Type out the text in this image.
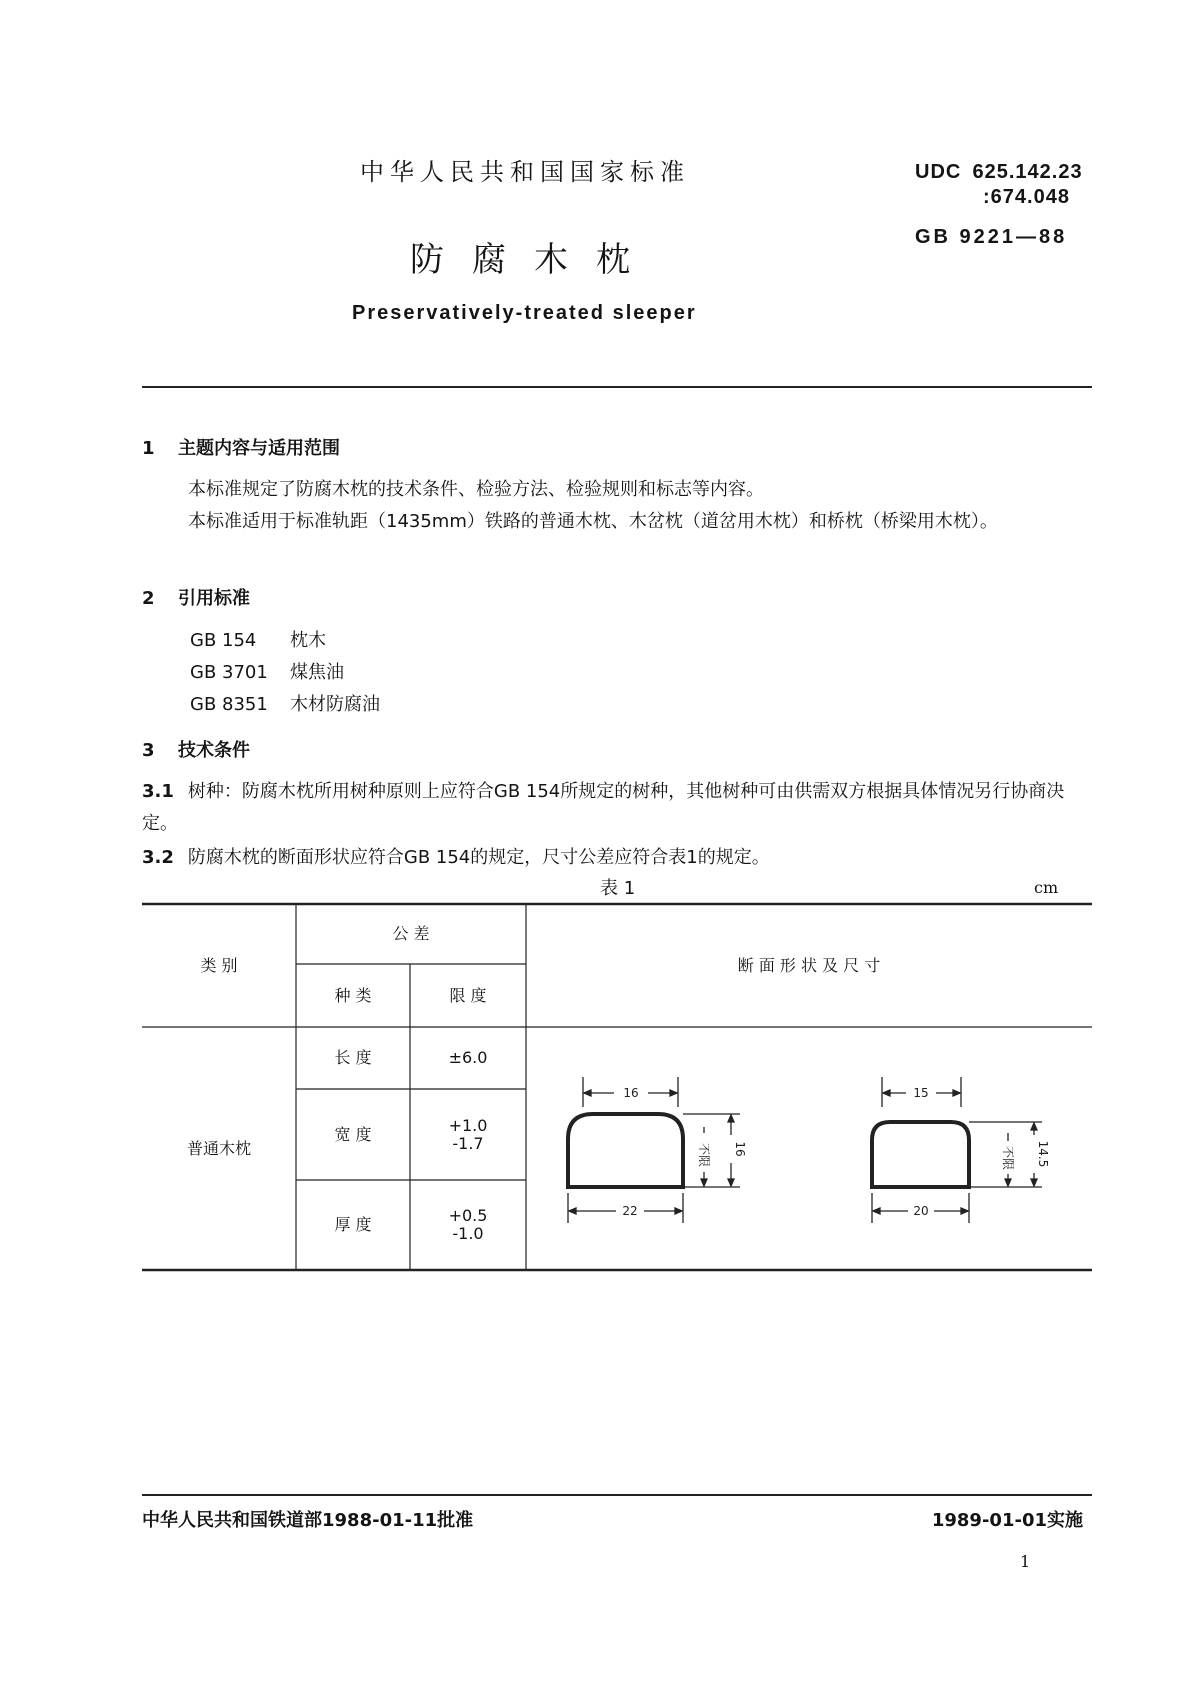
中华人民共和国国家标准	UDC 625.142.23
:674.048
GB 9221—88
防腐木枕
Preservatively-treated sleeper
1 主题内容与适用范围
本标准规定了防腐木枕的技术条件、检验方法、检验规则和标志等内容。
本标准适用于标准轨距（1435mm）铁路的普通木枕、木岔枕（道岔用木枕）和桥枕（桥梁用木枕）。
2 引用标准
GB 154 枕木
GB 3701 煤焦油
GB 8351 木材防腐油
3 技术条件
3.1 树种：防腐木枕所用树种原则上应符合GB 154所规定的树种，其他树种可由供需双方根据具体情况另行协商决定。
3.2 防腐木枕的断面形状应符合GB 154的规定，尺寸公差应符合表1的规定。
表 1	cm
类 别
公 差
种 类	限 度
断 面 形 状 及 尺 寸
普通木枕
长 度	±6.0
宽 度	+1.0
-1.7
厚 度	+0.5
-1.0
16
22
16
不限
15
20
14.5
不限
中华人民共和国铁道部1988-01-11批准	1989-01-01实施
1
